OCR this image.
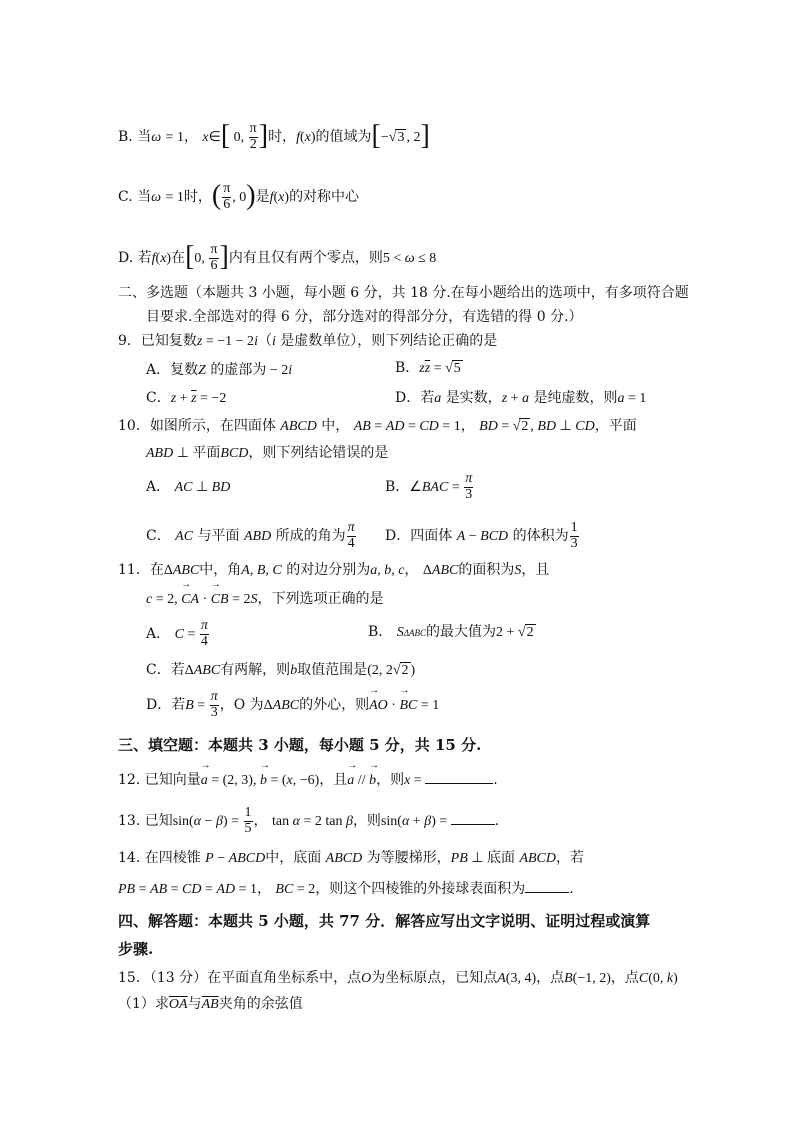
B. 当ω = 1， x∈[ 0, $\frac{\pi}{2}$ ]时，f(x)的值域为[−√3 , 2]
C. 当ω = 1时，( $\frac{\pi}{6}$ , 0)是f(x)的对称中心
D. 若f(x)在[0, $\frac{\pi}{6}$ ]内有且仅有两个零点，则5 < ω ≤ 8
二、多选题（本题共 3 小题，每小题 6 分，共 18 分.在每小题给出的选项中，有多项符合题
目要求.全部选对的得 6 分，部分选对的得部分分，有选错的得 0 分.）
9．已知复数z = −1 − 2i（i 是虚数单位），则下列结论正确的是
A．复数Z 的虚部为 − 2i	B．$z\overline{z} = √5$
C．$z + \overline{z} = -2$	D．若a 是实数，z + a 是纯虚数，则a = 1
10．如图所示，在四面体 ABCD 中， AB = AD = CD = 1， BD = √2 , BD ⊥ CD，平面
ABD ⊥ 平面BCD，则下列结论错误的是
A． AC ⊥ BD	B．∠BAC = $\frac{\pi}{3}$
C． AC 与平面 ABD 所成的角为 $\frac{\pi}{4}$ D．四面体 A − BCD 的体积为 $\frac{1}{3}$
11．在ΔABC中，角A, B, C 的对边分别为a, b, c， ΔABC的面积为S，且
c = 2, → CA · → CB = 2S，下列选项正确的是
A． $C = \frac{\pi}{4}$	B． SΔABC的最大值为2 + √2
C．若ΔABC有两解，则b取值范围是(2, 2√2 )
D．若$B = \frac{\pi}{3}$ ，O 为ΔABC的外心，则→ AO · → BC = 1
三、填空题：本题共 3 小题，每小题 5 分，共 15 分.
12. 已知向量→ a = (2, 3), → b = (x, −6)，且→ a // → b，则x =	.
13. 已知$\sin(\alpha - \beta) = \frac{1}{5}$ ， tan α = 2 tan β，则sin(α + β) =	.
14. 在四棱锥 P − ABCD中，底面 ABCD 为等腰梯形，PB ⊥ 底面 ABCD，若
PB = AB = CD = AD = 1， BC = 2，则这个四棱锥的外接球表面积为	.
四、解答题：本题共 5 小题，共 77 分．解答应写出文字说明、证明过程或演算
步骤.
15．（13 分）在平面直角坐标系中，点O为坐标原点，已知点A(3, 4)，点B(−1, 2)，点C(0, k)
（1）求$\overline{OA}$与$\overline{AB}$夹角的余弦值
